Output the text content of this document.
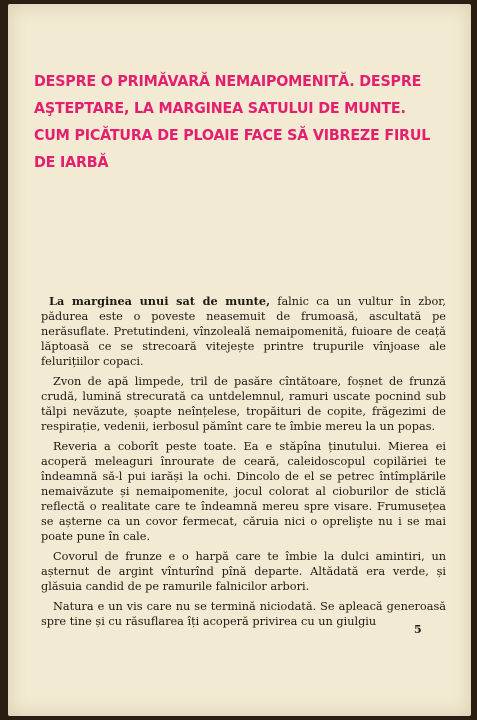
DESPRE O PRIMĂVARĂ NEMAIPOMENITĂ. DESPRE
AŞTEPTARE, LA MARGINEA SATULUI DE MUNTE.
CUM PICĂTURA DE PLOAIE FACE SĂ VIBREZE FIRUL
DE IARBĂ

La marginea unui sat de munte, falnic ca un vultur în zbor, pădurea este o poveste neasemuit de frumoasă, ascultată pe nerăsuflate. Pretutindeni, vînzoleală nemaipomenită, fuioare de ceață lăptoasă ce se strecoară vitejește printre trupurile vînjoase ale felurițiilor copaci.

Zvon de apă limpede, tril de pasăre cîntătoare, foșnet de frunză crudă, lumină strecurată ca untdelemnul, ramuri uscate pocnind sub tălpi nevăzute, șoapte neînțelese, tropăituri de copite, frăgezimi de respirație, vedenii, ierbosul pămînt care te îmbie mereu la un popas.

Reveria a coborît peste toate. Ea e stăpîna ținutului. Mierea ei acoperă meleaguri înrourate de ceară, caleidoscopul copilăriei te îndeamnă să-l pui iarăși la ochi. Dincolo de el se petrec întîmplările nemaivăzute și nemaipomenite, jocul colorat al cioburilor de sticlă reflectă o realitate care te îndeamnă mereu spre visare. Frumusețea se așterne ca un covor fermecat, căruia nici o oprelişte nu i se mai poate pune în cale.

Covorul de frunze e o harpă care te îmbie la dulci amintiri, un așternut de argint vînturînd pînă departe. Altădată era verde, și glăsuia candid de pe ramurile falnicilor arbori.

Natura e un vis care nu se termină niciodată. Se apleacă generoasă spre tine și cu răsuflarea îți acoperă privirea cu un giulgiu

5
